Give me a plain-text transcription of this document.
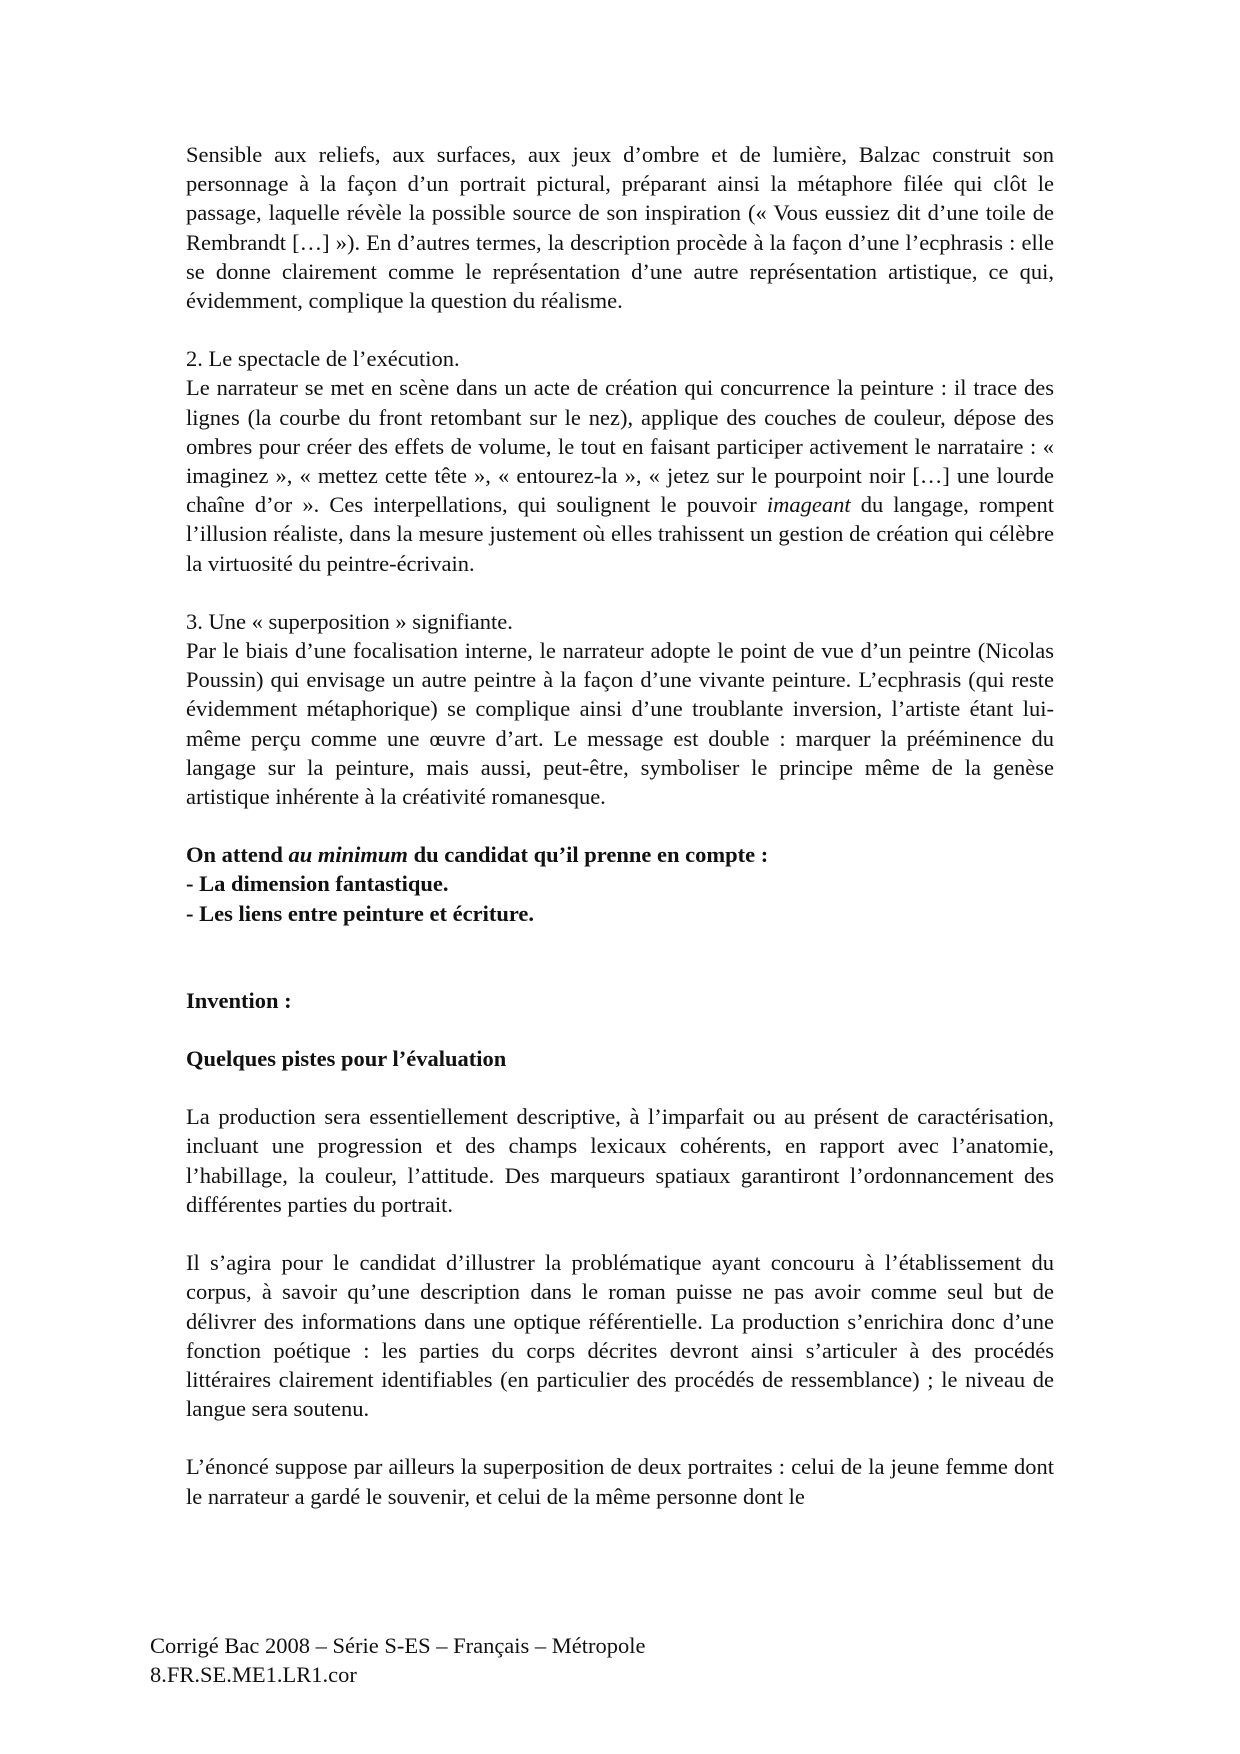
Sensible aux reliefs, aux surfaces, aux jeux d’ombre et de lumière, Balzac construit son personnage à la façon d’un portrait pictural, préparant ainsi la métaphore filée qui clôt le passage, laquelle révèle la possible source de son inspiration (« Vous eussiez dit d’une toile de Rembrandt […] »). En d’autres termes, la description procède à la façon d’une l’ecphrasis : elle se donne clairement comme le représentation d’une autre représentation artistique, ce qui, évidemment, complique la question du réalisme.

2. Le spectacle de l’exécution.

Le narrateur se met en scène dans un acte de création qui concurrence la peinture : il trace des lignes (la courbe du front retombant sur le nez), applique des couches de couleur, dépose des ombres pour créer des effets de volume, le tout en faisant participer activement le narrataire : « imaginez », « mettez cette tête », « entourez-la », « jetez sur le pourpoint noir […] une lourde chaîne d’or ». Ces interpellations, qui soulignent le pouvoir imageant du langage, rompent l’illusion réaliste, dans la mesure justement où elles trahissent un gestion de création qui célèbre la virtuosité du peintre-écrivain.

3. Une « superposition » signifiante.

Par le biais d’une focalisation interne, le narrateur adopte le point de vue d’un peintre (Nicolas Poussin) qui envisage un autre peintre à la façon d’une vivante peinture. L’ecphrasis (qui reste évidemment métaphorique) se complique ainsi d’une troublante inversion, l’artiste étant lui-même perçu comme une œuvre d’art. Le message est double : marquer la prééminence du langage sur la peinture, mais aussi, peut-être, symboliser le principe même de la genèse artistique inhérente à la créativité romanesque.

On attend au minimum du candidat qu’il prenne en compte :

- La dimension fantastique.

- Les liens entre peinture et écriture.

Invention :

Quelques pistes pour l’évaluation

La production sera essentiellement descriptive, à l’imparfait ou au présent de caractérisation, incluant une progression et des champs lexicaux cohérents, en rapport avec l’anatomie, l’habillage, la couleur, l’attitude. Des marqueurs spatiaux garantiront l’ordonnancement des différentes parties du portrait.

Il s’agira pour le candidat d’illustrer la problématique ayant concouru à l’établissement du corpus, à savoir qu’une description dans le roman puisse ne pas avoir comme seul but de délivrer des informations dans une optique référentielle. La production s’enrichira donc d’une fonction poétique : les parties du corps décrites devront ainsi s’articuler à des procédés littéraires clairement identifiables (en particulier des procédés de ressemblance) ; le niveau de langue sera soutenu.

L’énoncé suppose par ailleurs la superposition de deux portraites : celui de la jeune femme dont le narrateur a gardé le souvenir, et celui de la même personne dont le

Corrigé Bac 2008 – Série S-ES – Français – Métropole
8.FR.SE.ME1.LR1.cor
